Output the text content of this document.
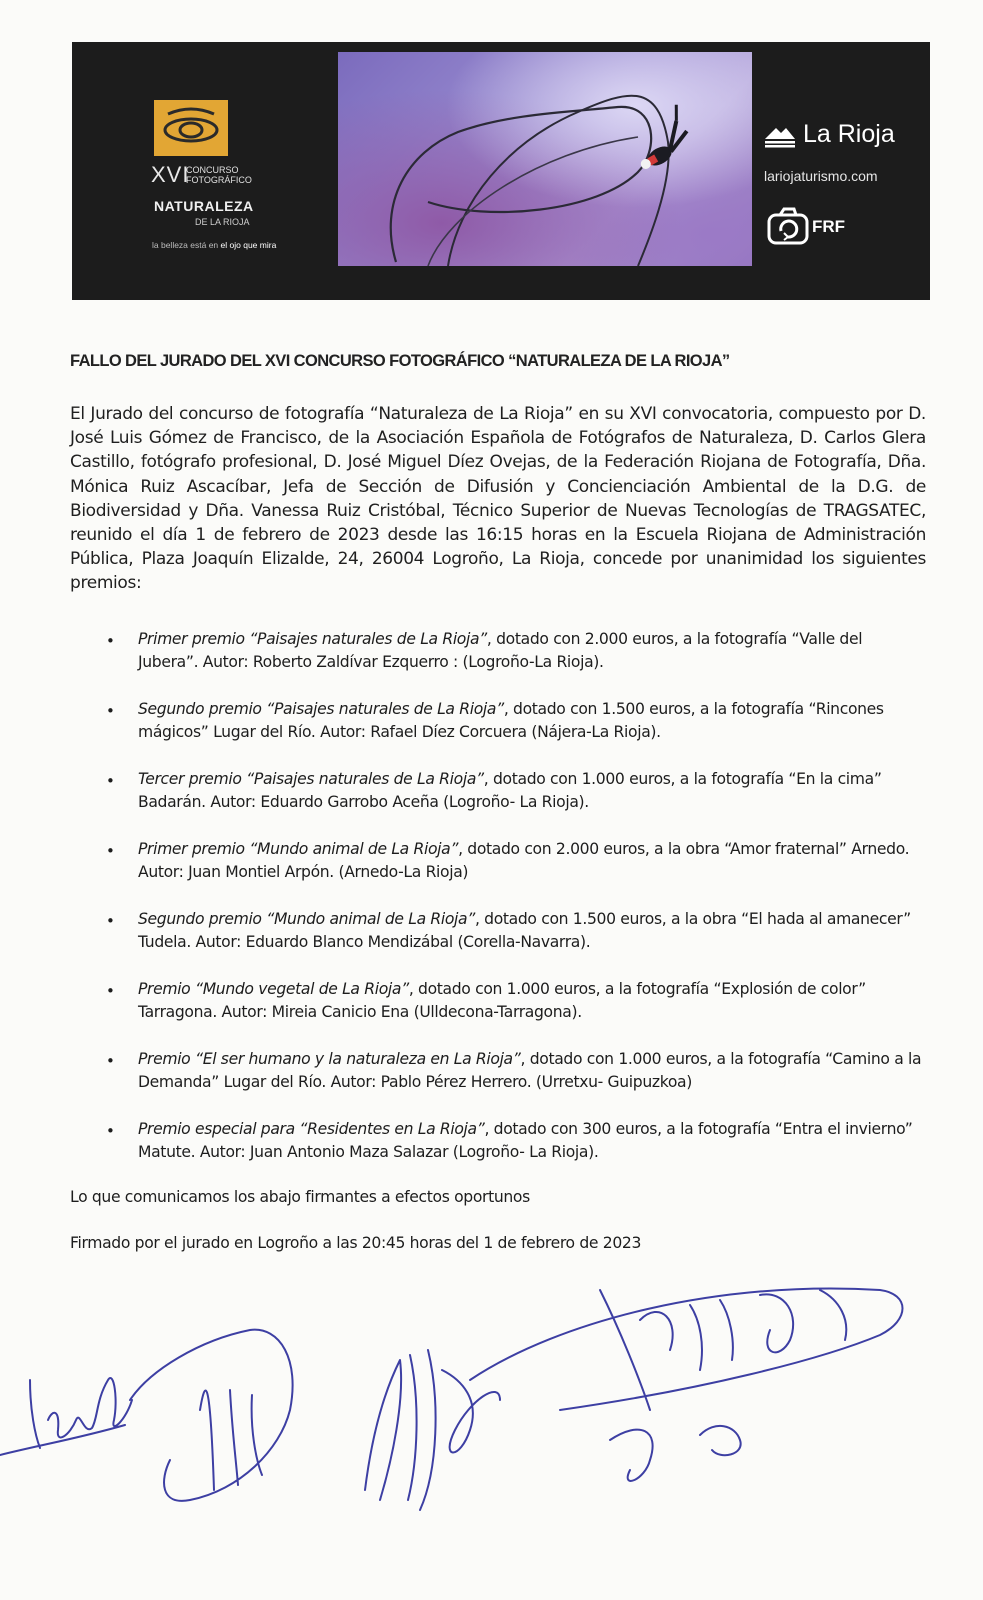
XVI
CONCURSO
FOTOGRÁFICO
NATURALEZA
DE LA RIOJA
la belleza está en el ojo que mira
La Rioja
lariojaturismo.com
FRF
FALLO DEL JURADO DEL XVI CONCURSO FOTOGRÁFICO “NATURALEZA DE LA RIOJA”
El Jurado del concurso de fotografía “Naturaleza de La Rioja” en su XVI convocatoria, compuesto por D. José Luis Gómez de Francisco, de la Asociación Española de Fotógrafos de Naturaleza, D. Carlos Glera Castillo, fotógrafo profesional, D. José Miguel Díez Ovejas, de la Federación Riojana de Fotografía, Dña. Mónica Ruiz Ascacíbar, Jefa de Sección de Difusión y Concienciación Ambiental de la D.G. de Biodiversidad y Dña. Vanessa Ruiz Cristóbal, Técnico Superior de Nuevas Tecnologías de TRAGSATEC, reunido el día 1 de febrero de 2023 desde las 16:15 horas en la Escuela Riojana de Administración Pública, Plaza Joaquín Elizalde, 24, 26004 Logroño, La Rioja, concede por unanimidad los siguientes premios:
• Primer premio “Paisajes naturales de La Rioja”, dotado con 2.000 euros, a la fotografía “Valle del Jubera”. Autor: Roberto Zaldívar Ezquerro : (Logroño-La Rioja).
• Segundo premio “Paisajes naturales de La Rioja”, dotado con 1.500 euros, a la fotografía “Rincones mágicos” Lugar del Río. Autor: Rafael Díez Corcuera (Nájera-La Rioja).
• Tercer premio “Paisajes naturales de La Rioja”, dotado con 1.000 euros, a la fotografía “En la cima” Badarán. Autor: Eduardo Garrobo Aceña (Logroño- La Rioja).
• Primer premio “Mundo animal de La Rioja”, dotado con 2.000 euros, a la obra “Amor fraternal” Arnedo. Autor: Juan Montiel Arpón. (Arnedo-La Rioja)
• Segundo premio “Mundo animal de La Rioja”, dotado con 1.500 euros, a la obra “El hada al amanecer” Tudela. Autor: Eduardo Blanco Mendizábal (Corella-Navarra).
• Premio “Mundo vegetal de La Rioja”, dotado con 1.000 euros, a la fotografía “Explosión de color” Tarragona. Autor: Mireia Canicio Ena (Ulldecona-Tarragona).
• Premio “El ser humano y la naturaleza en La Rioja”, dotado con 1.000 euros, a la fotografía “Camino a la Demanda” Lugar del Río. Autor: Pablo Pérez Herrero. (Urretxu- Guipuzkoa)
• Premio especial para “Residentes en La Rioja”, dotado con 300 euros, a la fotografía “Entra el invierno” Matute. Autor: Juan Antonio Maza Salazar (Logroño- La Rioja).
Lo que comunicamos los abajo firmantes a efectos oportunos
Firmado por el jurado en Logroño a las 20:45 horas del 1 de febrero de 2023
